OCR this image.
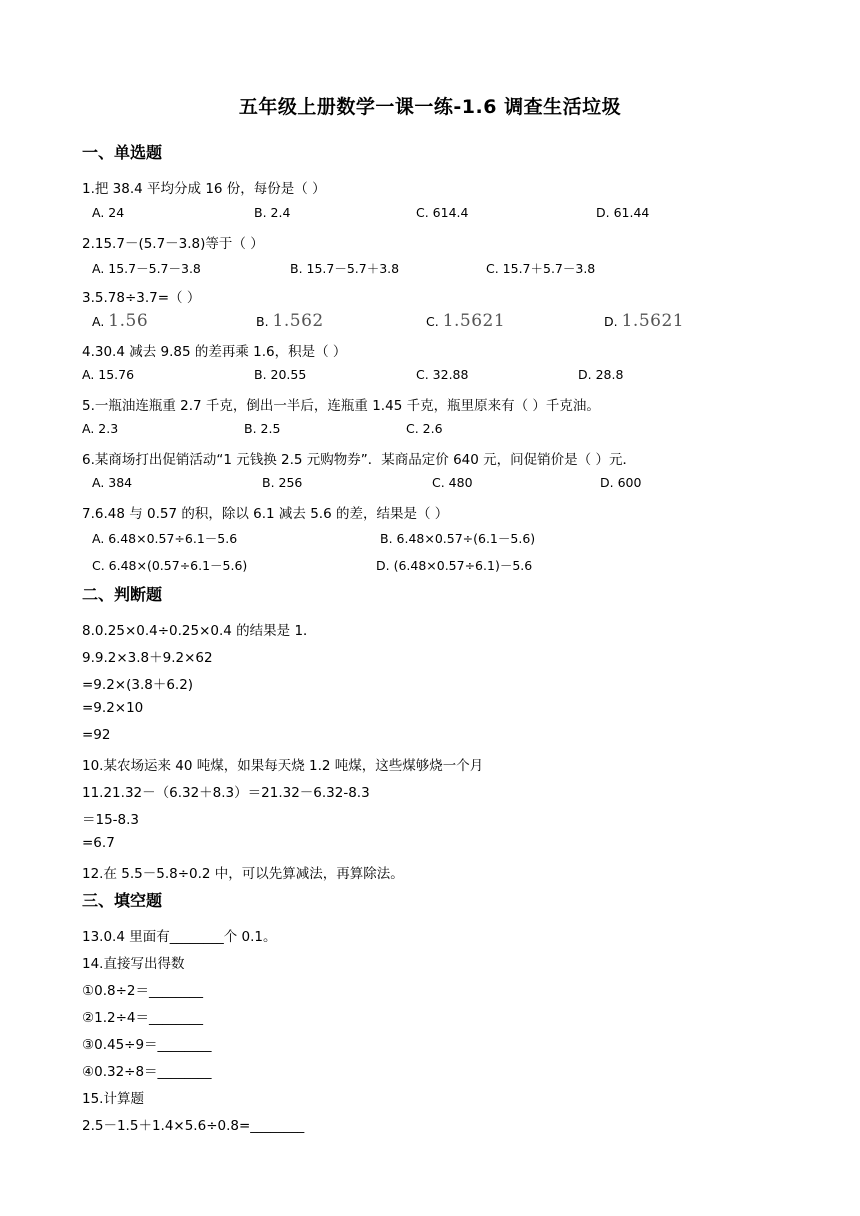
五年级上册数学一课一练-1.6 调查生活垃圾
一、单选题
1.把 38.4 平均分成 16 份，每份是（ ）
A. 24	B. 2.4	C. 614.4	D. 61.44
2.15.7－(5.7－3.8)等于（ ）
A. 15.7－5.7－3.8	B. 15.7－5.7＋3.8	C. 15.7＋5.7－3.8
3.5.78÷3.7=（ ）
A. 1.56	B. 1.562	C. 1.5621	D. 1.5621
4.30.4 减去 9.85 的差再乘 1.6，积是（ ）
A. 15.76	B. 20.55	C. 32.88	D. 28.8
5.一瓶油连瓶重 2.7 千克，倒出一半后，连瓶重 1.45 千克，瓶里原来有（ ）千克油。
A. 2.3	B. 2.5	C. 2.6
6.某商场打出促销活动“1 元钱换 2.5 元购物券”．某商品定价 640 元，问促销价是（ ）元．
A. 384	B. 256	C. 480	D. 600
7.6.48 与 0.57 的积，除以 6.1 减去 5.6 的差，结果是（ ）
A. 6.48×0.57÷6.1－5.6	B. 6.48×0.57÷(6.1－5.6)
C. 6.48×(0.57÷6.1－5.6)	D. (6.48×0.57÷6.1)－5.6
二、判断题
8.0.25×0.4÷0.25×0.4 的结果是 1．
9.9.2×3.8＋9.2×62
=9.2×(3.8＋6.2)
=9.2×10
=92
10.某农场运来 40 吨煤，如果每天烧 1.2 吨煤，这些煤够烧一个月
11.21.32－（6.32＋8.3）＝21.32－6.32-8.3
＝15-8.3
=6.7
12.在 5.5－5.8÷0.2 中，可以先算减法，再算除法。
三、填空题
13.0.4 里面有________个 0.1。
14.直接写出得数
①0.8÷2＝________
②1.2÷4＝________
③0.45÷9＝________
④0.32÷8＝________
15.计算题
2.5－1.5＋1.4×5.6÷0.8=________
